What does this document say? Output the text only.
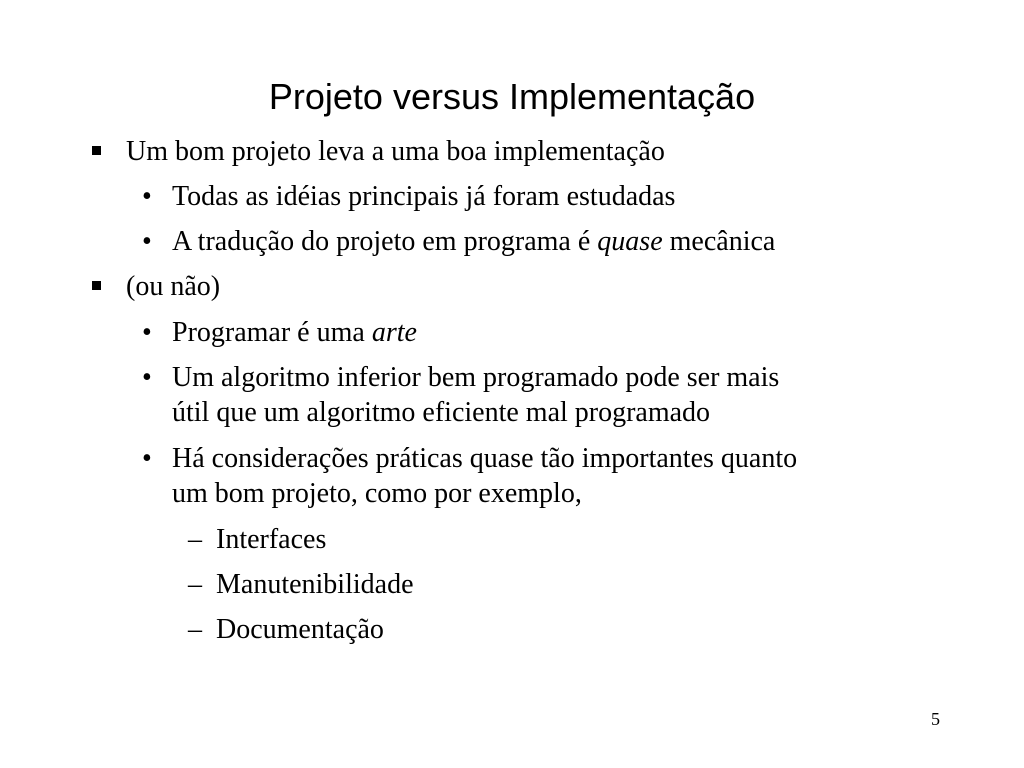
Projeto versus Implementação
Um bom projeto leva a uma boa implementação
• Todas as idéias principais já foram estudadas
• A tradução do projeto em programa é quase mecânica
(ou não)
• Programar é uma arte
• Um algoritmo inferior bem programado pode ser mais
útil que um algoritmo eficiente mal programado
• Há considerações práticas quase tão importantes quanto
um bom projeto, como por exemplo,
– Interfaces
– Manutenibilidade
– Documentação
5
